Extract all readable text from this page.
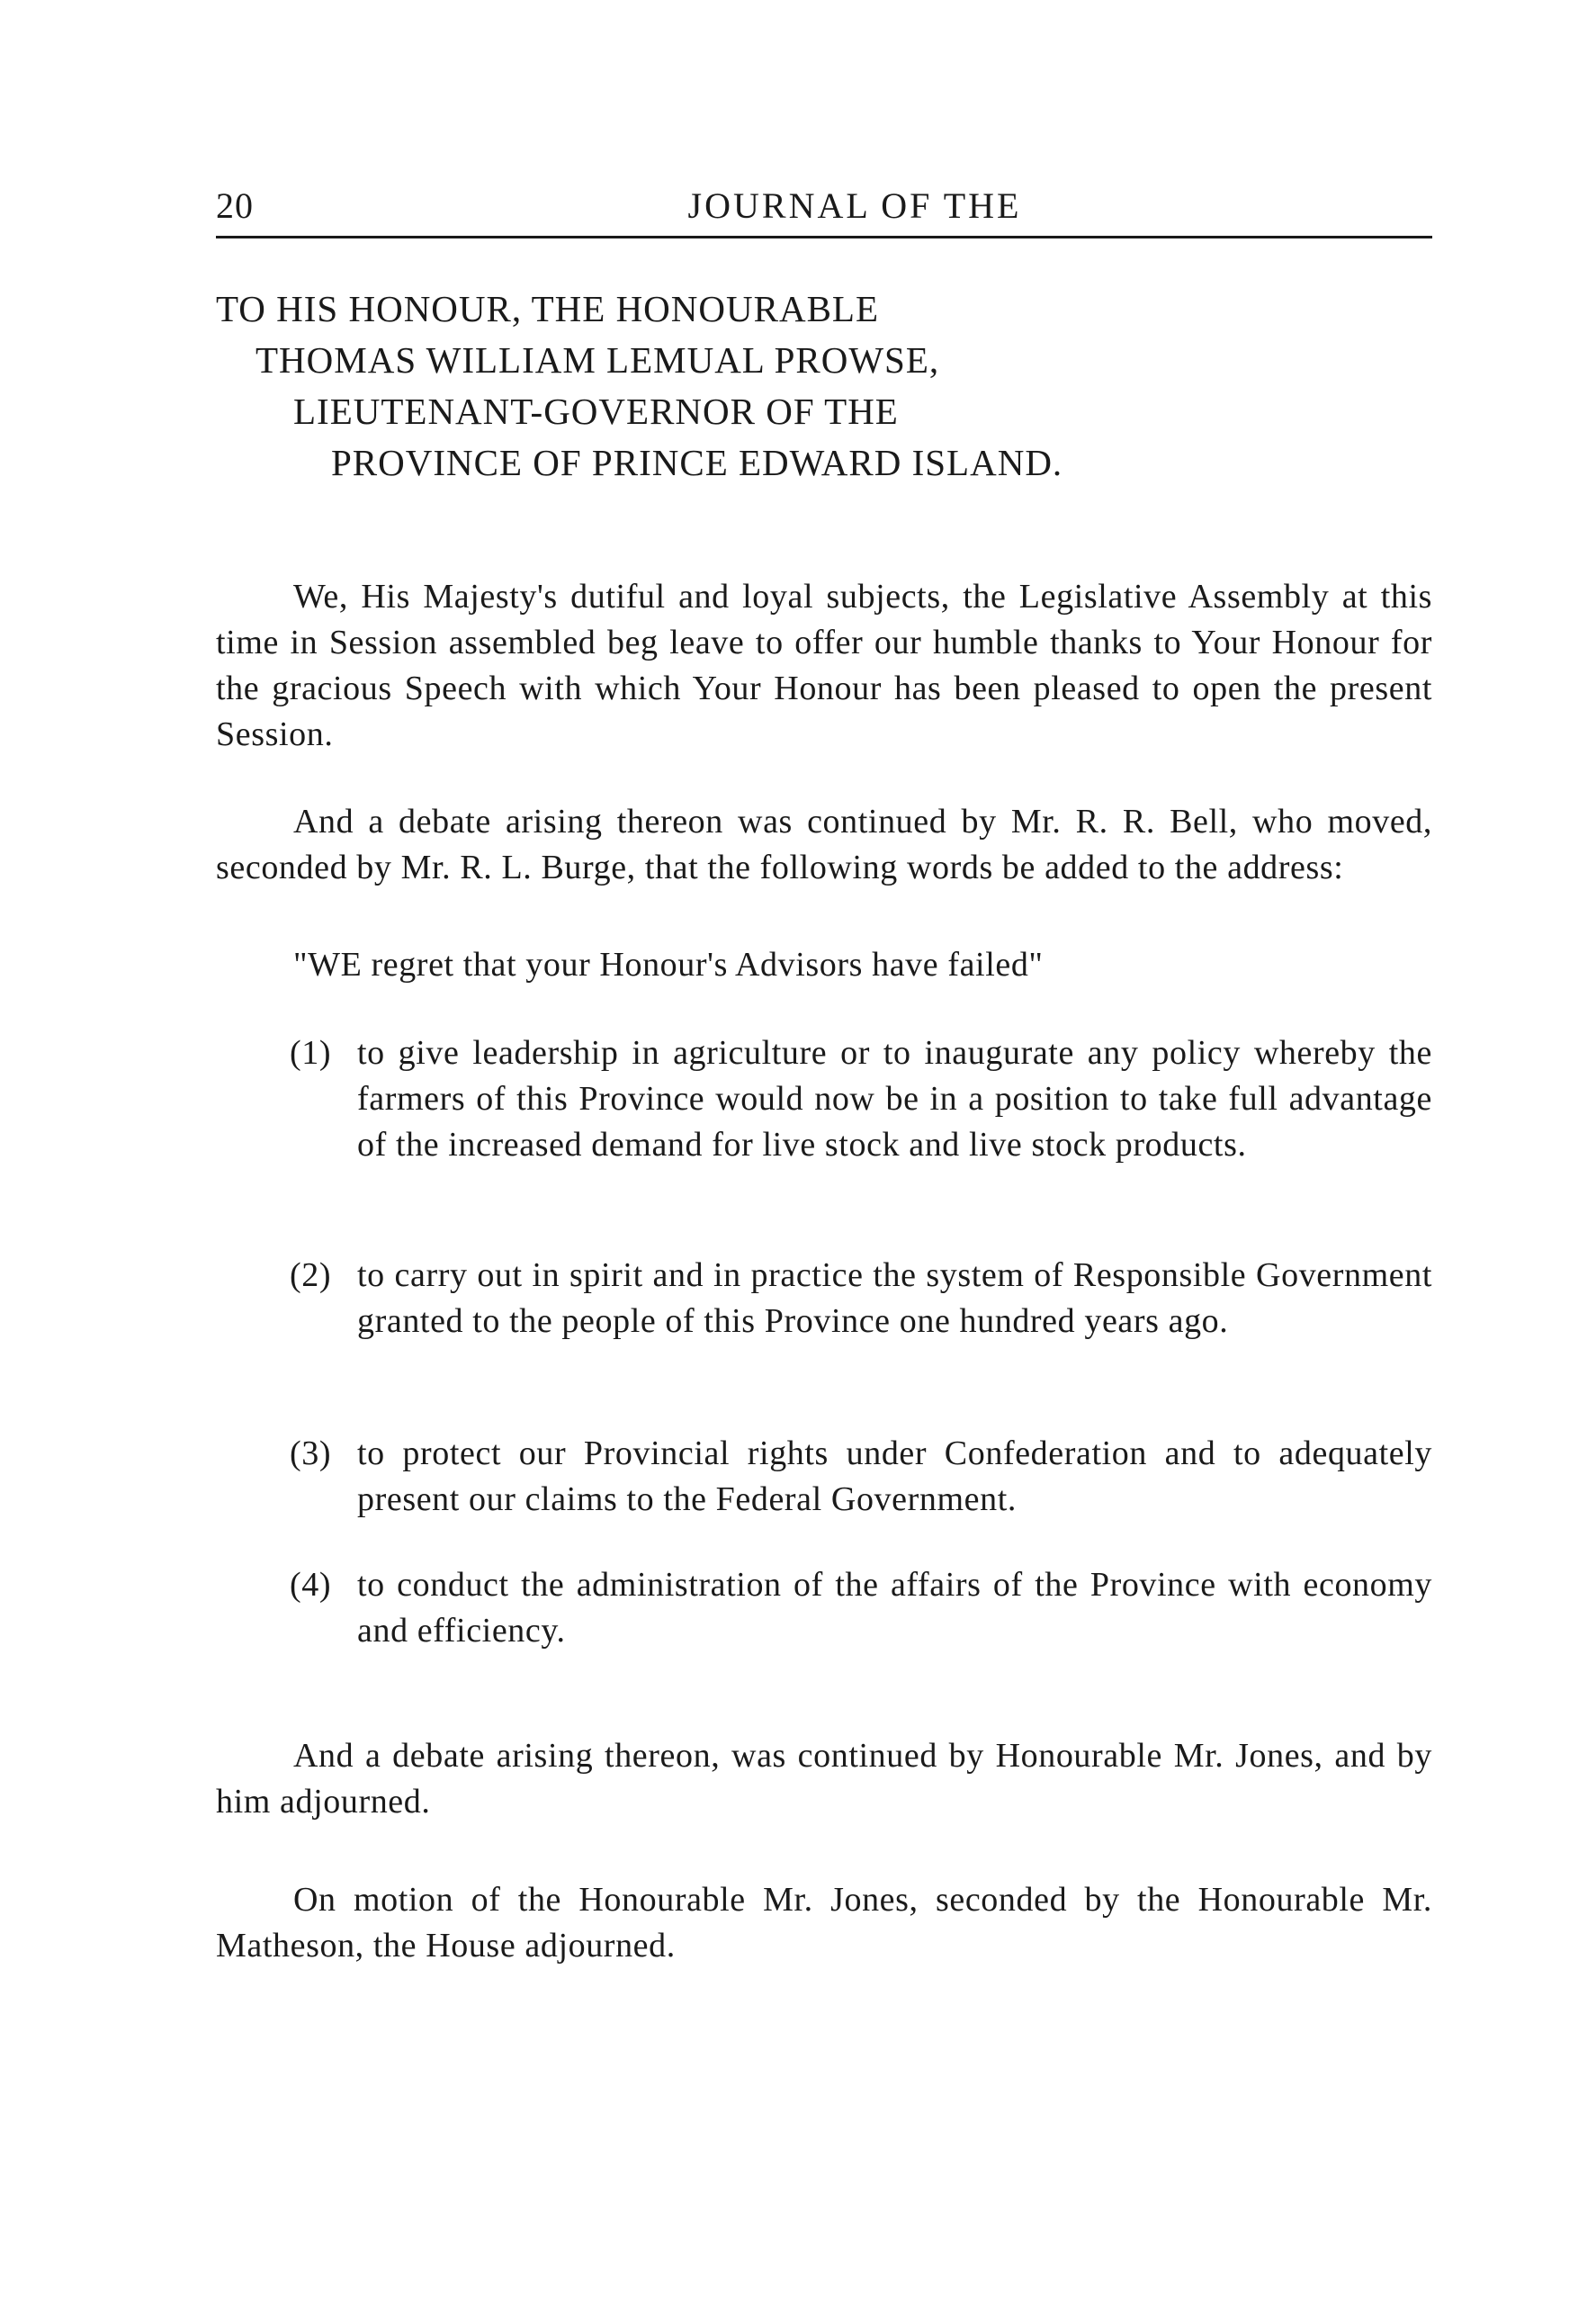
20	JOURNAL OF THE
TO HIS HONOUR, THE HONOURABLE
THOMAS WILLIAM LEMUAL PROWSE,
LIEUTENANT-GOVERNOR OF THE
PROVINCE OF PRINCE EDWARD ISLAND.

We, His Majesty's dutiful and loyal subjects, the Legislative Assembly at this time in Session assembled beg leave to offer our humble thanks to Your Honour for the gracious Speech with which Your Honour has been pleased to open the present Session.

And a debate arising thereon was continued by Mr. R. R. Bell, who moved, seconded by Mr. R. L. Burge, that the following words be added to the address:

"WE regret that your Honour's Advisors have failed"
(1) to give leadership in agriculture or to inaugurate any policy whereby the farmers of this Province would now be in a position to take full advantage of the increased demand for live stock and live stock products.
(2) to carry out in spirit and in practice the system of Responsible Government granted to the people of this Province one hundred years ago.
(3) to protect our Provincial rights under Confederation and to adequately present our claims to the Federal Government.
(4) to conduct the administration of the affairs of the Province with economy and efficiency.

And a debate arising thereon, was continued by Honourable Mr. Jones, and by him adjourned.

On motion of the Honourable Mr. Jones, seconded by the Honourable Mr. Matheson, the House adjourned.
